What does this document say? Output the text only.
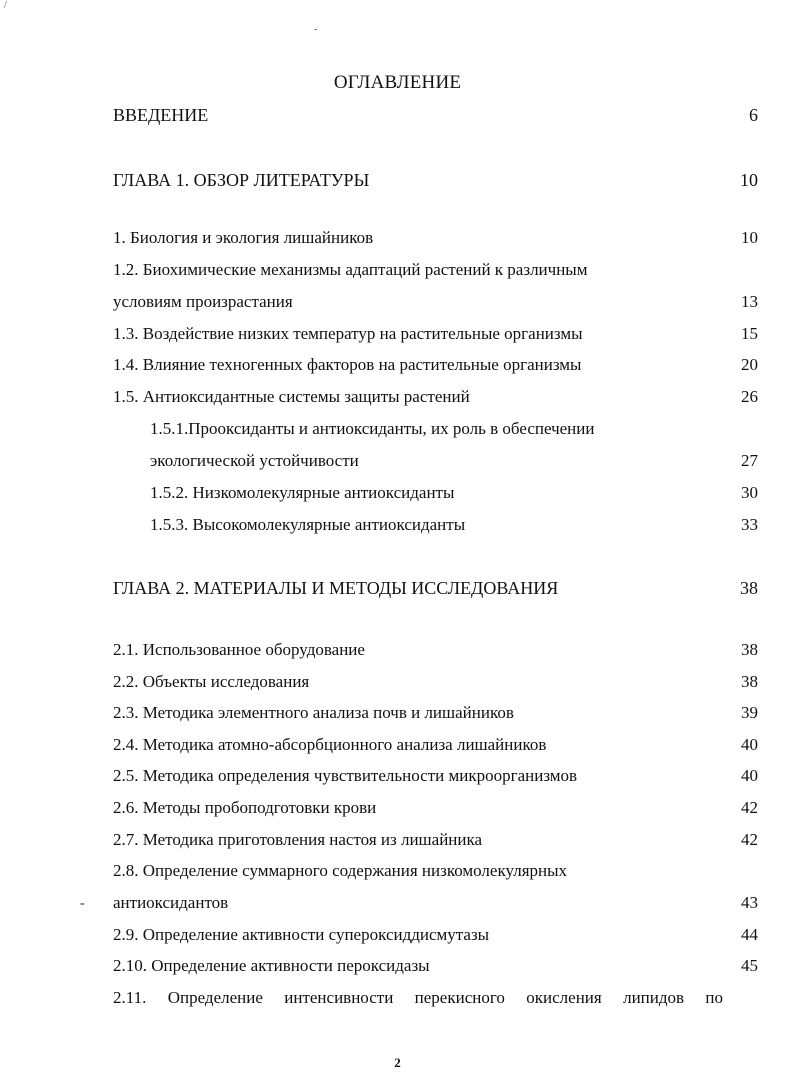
/
-
-
ОГЛАВЛЕНИЕ
ВВЕДЕНИЕ	6
ГЛАВА 1. ОБЗОР ЛИТЕРАТУРЫ	10
1. Биология и экология лишайников	10
1.2. Биохимические механизмы адаптаций растений к различным
условиям произрастания	13
1.3. Воздействие низких температур на растительные организмы	15
1.4. Влияние техногенных факторов на растительные организмы	20
1.5. Антиоксидантные системы защиты растений	26
1.5.1.Прооксиданты и антиоксиданты, их роль в обеспечении
экологической устойчивости	27
1.5.2. Низкомолекулярные антиоксиданты	30
1.5.3. Высокомолекулярные антиоксиданты	33
ГЛАВА 2. МАТЕРИАЛЫ И МЕТОДЫ ИССЛЕДОВАНИЯ	38
2.1. Использованное оборудование	38
2.2. Объекты исследования	38
2.3. Методика элементного анализа почв и лишайников	39
2.4. Методика атомно-абсорбционного анализа лишайников	40
2.5. Методика определения чувствительности микроорганизмов	40
2.6. Методы пробоподготовки крови	42
2.7. Методика приготовления настоя из лишайника	42
2.8. Определение суммарного содержания низкомолекулярных
антиоксидантов	43
2.9. Определение активности супероксиддисмутазы	44
2.10. Определение активности пероксидазы	45
2.11. Определение интенсивности перекисного окисления липидов по
2
